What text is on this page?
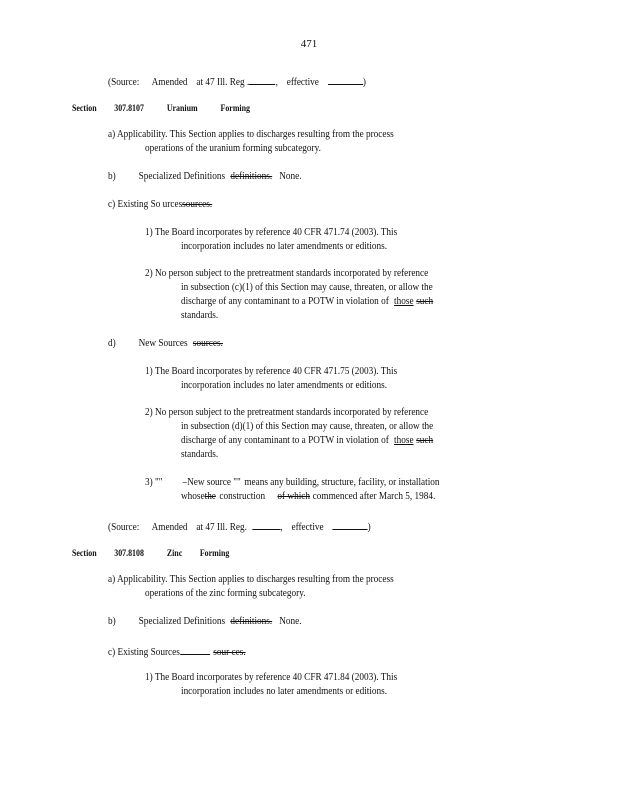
471
(Source: Amended at 47 Ill. Reg .	, effective	)
Section 307.8107	Uranium	Forming
a) Applicability. This Section applies to discharges resulting from the process
operations of the uranium forming subcategory.
b) Specialized Definitions definitions. None.
c) Existing So urcessources.
1) The Board incorporates by reference 40 CFR 471.74 (2003). This
incorporation includes no later amendments or editions.
2) No person subject to the pretreatment standards incorporated by reference
in subsection (c)(1) of this Section may cause, threaten, or allow the
discharge of any contaminant to a POTW in violation of those such
standards.
d) New Sources sources.
1) The Board incorporates by reference 40 CFR 471.75 (2003). This
incorporation includes no later amendments or editions.
2) No person subject to the pretreatment standards incorporated by reference
in subsection (d)(1) of this Section may cause, threaten, or allow the
discharge of any contaminant to a POTW in violation of those such
standards.
3) "" –New source "" means any building, structure, facility, or installation
whosethe construction of which commenced after March 5, 1984.
(Source: Amended at 47 Ill. Reg.	, effective	)
Section 307.8108	Zinc Forming
a) Applicability. This Section applies to discharges resulting from the process
operations of the zinc forming subcategory.
b) Specialized Definitions definitions. None.
c) Existing Sources	sour ces.
1) The Board incorporates by reference 40 CFR 471.84 (2003). This
incorporation includes no later amendments or editions.
